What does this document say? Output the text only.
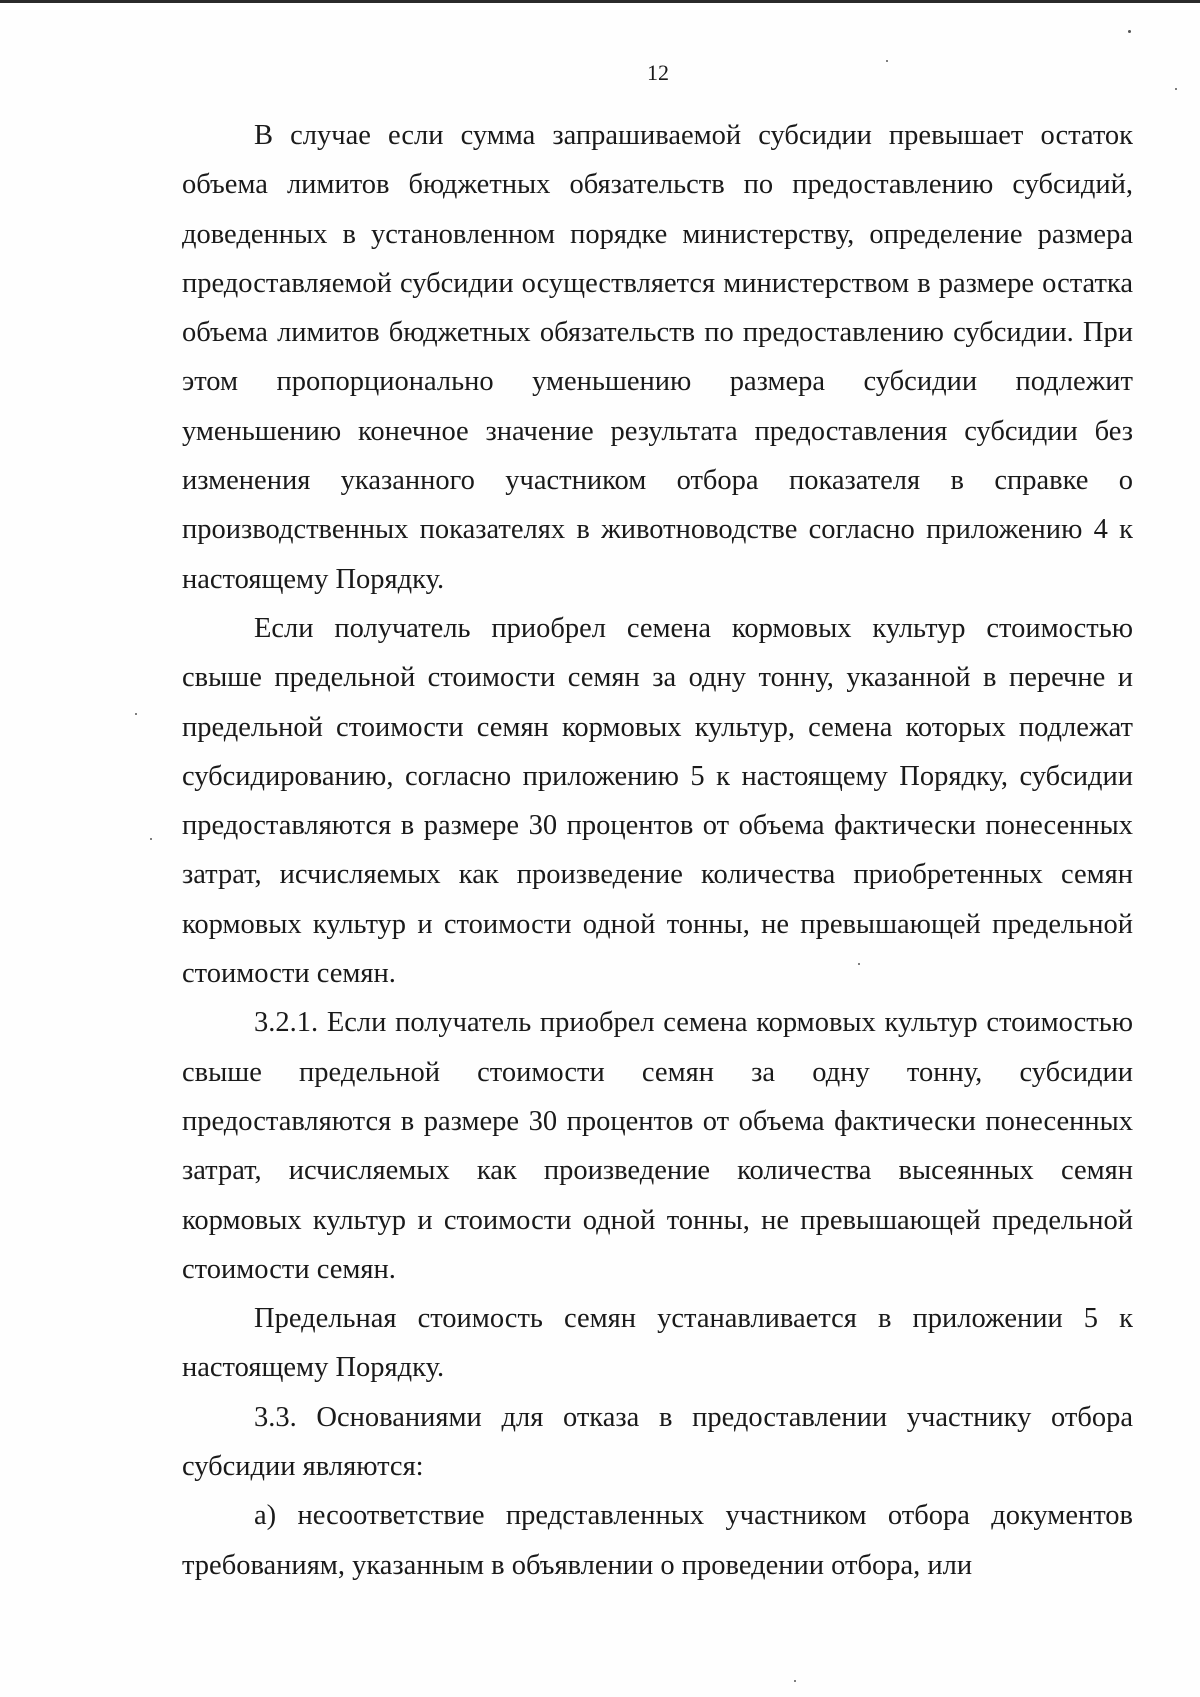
12

В случае если сумма запрашиваемой субсидии превышает остаток объема лимитов бюджетных обязательств по предоставлению субсидий, доведенных в установленном порядке министерству, определение размера предоставляемой субсидии осуществляется министерством в размере остатка объема лимитов бюджетных обязательств по предоставлению субсидии. При этом пропорционально уменьшению размера субсидии подлежит уменьшению конечное значение результата предоставления субсидии без изменения указанного участником отбора показателя в справке о производственных показателях в животноводстве согласно приложению 4 к настоящему Порядку.

Если получатель приобрел семена кормовых культур стоимостью свыше предельной стоимости семян за одну тонну, указанной в перечне и предельной стоимости семян кормовых культур, семена которых подлежат субсидированию, согласно приложению 5 к настоящему Порядку, субсидии предоставляются в размере 30 процентов от объема фактически понесенных затрат, исчисляемых как произведение количества приобретенных семян кормовых культур и стоимости одной тонны, не превышающей предельной стоимости семян.

3.2.1. Если получатель приобрел семена кормовых культур стоимостью свыше предельной стоимости семян за одну тонну, субсидии предоставляются в размере 30 процентов от объема фактически понесенных затрат, исчисляемых как произведение количества высеянных семян кормовых культур и стоимости одной тонны, не превышающей предельной стоимости семян.

Предельная стоимость семян устанавливается в приложении 5 к настоящему Порядку.

3.3. Основаниями для отказа в предоставлении участнику отбора субсидии являются:

а) несоответствие представленных участником отбора документов требованиям, указанным в объявлении о проведении отбора, или
